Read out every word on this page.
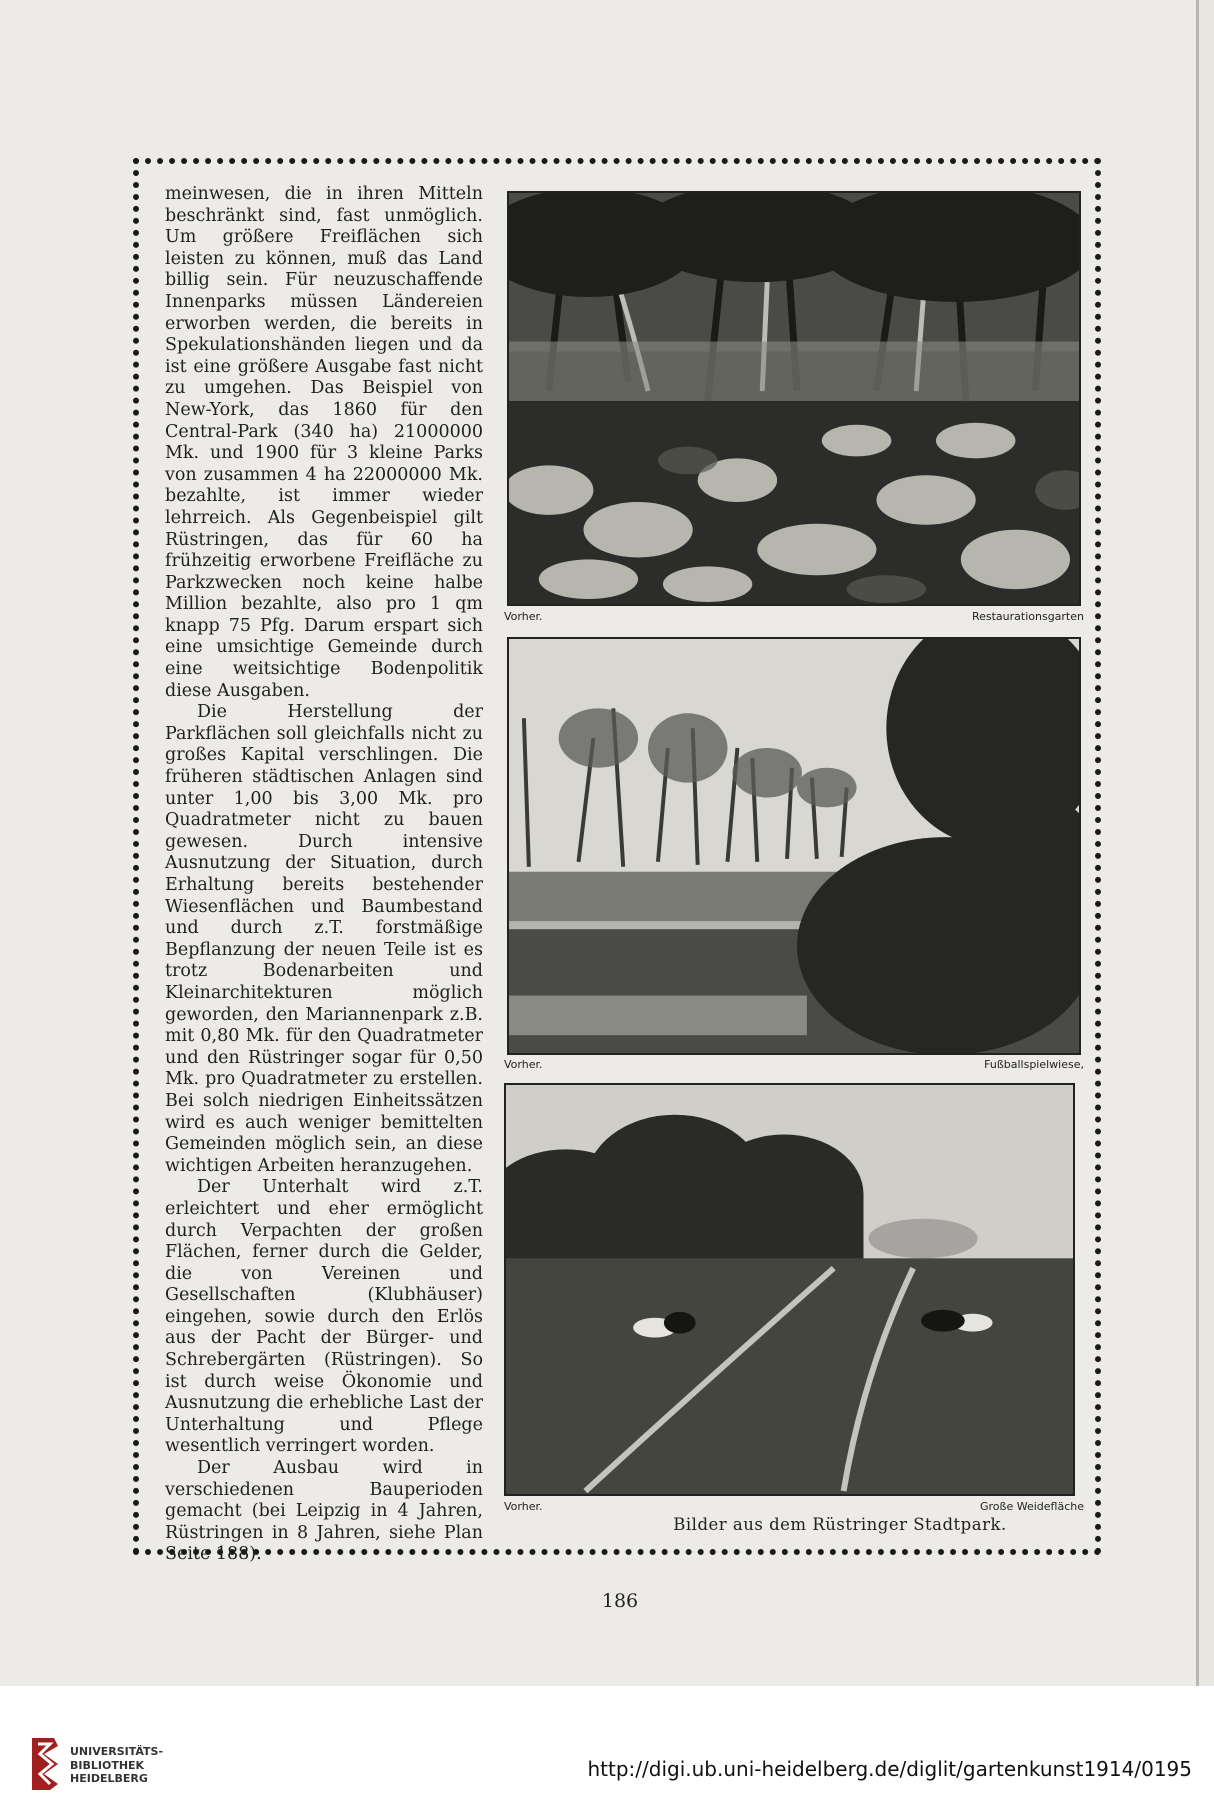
meinwesen, die in ihren Mitteln beschränkt sind, fast unmöglich. Um größere Freiflächen sich leisten zu können, muß das Land billig sein. Für neuzuschaffende Innenparks müssen Ländereien erworben werden, die bereits in Spekulationshänden liegen und da ist eine größere Ausgabe fast nicht zu umgehen. Das Beispiel von New-York, das 1860 für den Central-Park (340 ha) 21000000 Mk. und 1900 für 3 kleine Parks von zusammen 4 ha 22000000 Mk. bezahlte, ist immer wieder lehrreich. Als Gegenbeispiel gilt Rüstringen, das für 60 ha frühzeitig erworbene Freifläche zu Parkzwecken noch keine halbe Million bezahlte, also pro 1 qm knapp 75 Pfg. Darum erspart sich eine umsichtige Gemeinde durch eine weitsichtige Bodenpolitik diese Ausgaben.

Die Herstellung der Parkflächen soll gleichfalls nicht zu großes Kapital verschlingen. Die früheren städtischen Anlagen sind unter 1,00 bis 3,00 Mk. pro Quadratmeter nicht zu bauen gewesen. Durch intensive Ausnutzung der Situation, durch Erhaltung bereits bestehender Wiesenflächen und Baumbestand und durch z.T. forstmäßige Bepflanzung der neuen Teile ist es trotz Bodenarbeiten und Kleinarchitekturen möglich geworden, den Mariannenpark z.B. mit 0,80 Mk. für den Quadratmeter und den Rüstringer sogar für 0,50 Mk. pro Quadratmeter zu erstellen. Bei solch niedrigen Einheitssätzen wird es auch weniger bemittelten Gemeinden möglich sein, an diese wichtigen Arbeiten heranzugehen.

Der Unterhalt wird z.T. erleichtert und eher ermöglicht durch Verpachten der großen Flächen, ferner durch die Gelder, die von Vereinen und Gesellschaften (Klubhäuser) eingehen, sowie durch den Erlös aus der Pacht der Bürger- und Schrebergärten (Rüstringen). So ist durch weise Ökonomie und Ausnutzung die erhebliche Last der Unterhaltung und Pflege wesentlich verringert worden.

Der Ausbau wird in verschiedenen Bauperioden gemacht (bei Leipzig in 4 Jahren, Rüstringen in 8 Jahren, siehe Plan Seite 188).

Vorher.	Restaurationsgarten
Vorher.	Fußballspielwiese,
Vorher.	Große Weidefläche
Bilder aus dem Rüstringer Stadtpark.
186
UNIVERSITÄTS-
BIBLIOTHEK
HEIDELBERG	http://digi.ub.uni-heidelberg.de/diglit/gartenkunst1914/0195
